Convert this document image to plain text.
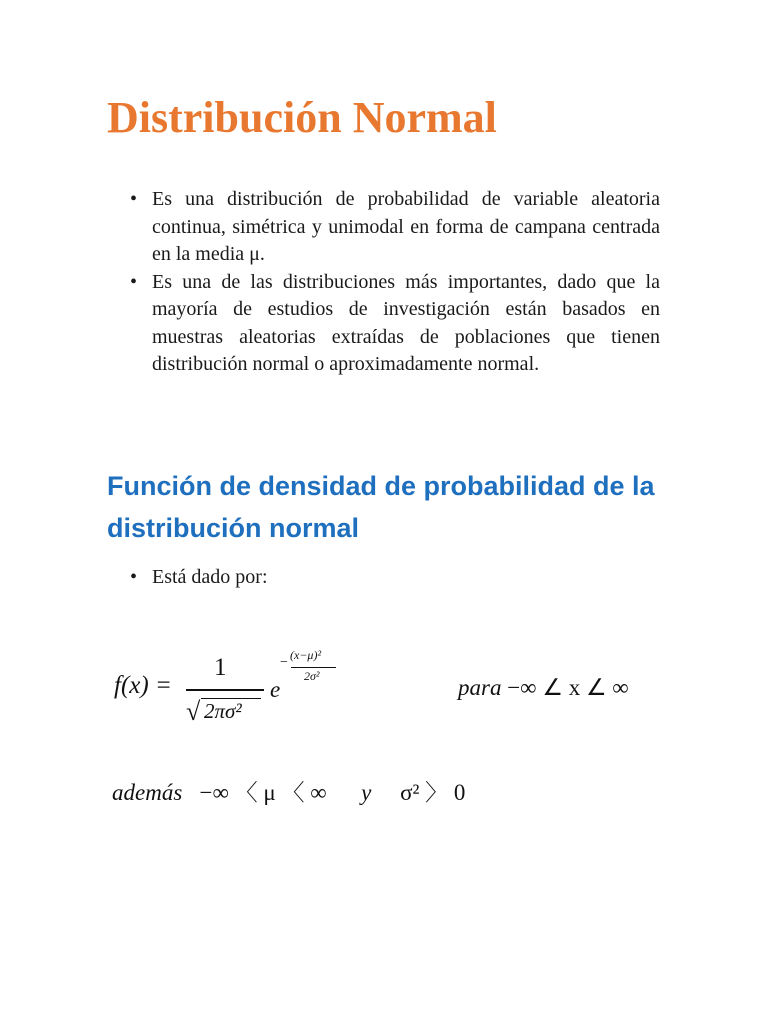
Distribución Normal
• Es una distribución de probabilidad de variable aleatoria continua, simétrica y unimodal en forma de campana centrada en la media μ.
• Es una de las distribuciones más importantes, dado que la mayoría de estudios de investigación están basados en muestras aleatorias extraídas de poblaciones que tienen distribución normal o aproximadamente normal.
Función de densidad de probabilidad de la distribución normal
• Está dado por:
f(x) =
1
√ 2πσ²
e
− (x−μ)²
2σ²	para −∞ ∠ x ∠ ∞
además −∞ 〈 μ 〈 ∞ y σ² 〉 0
